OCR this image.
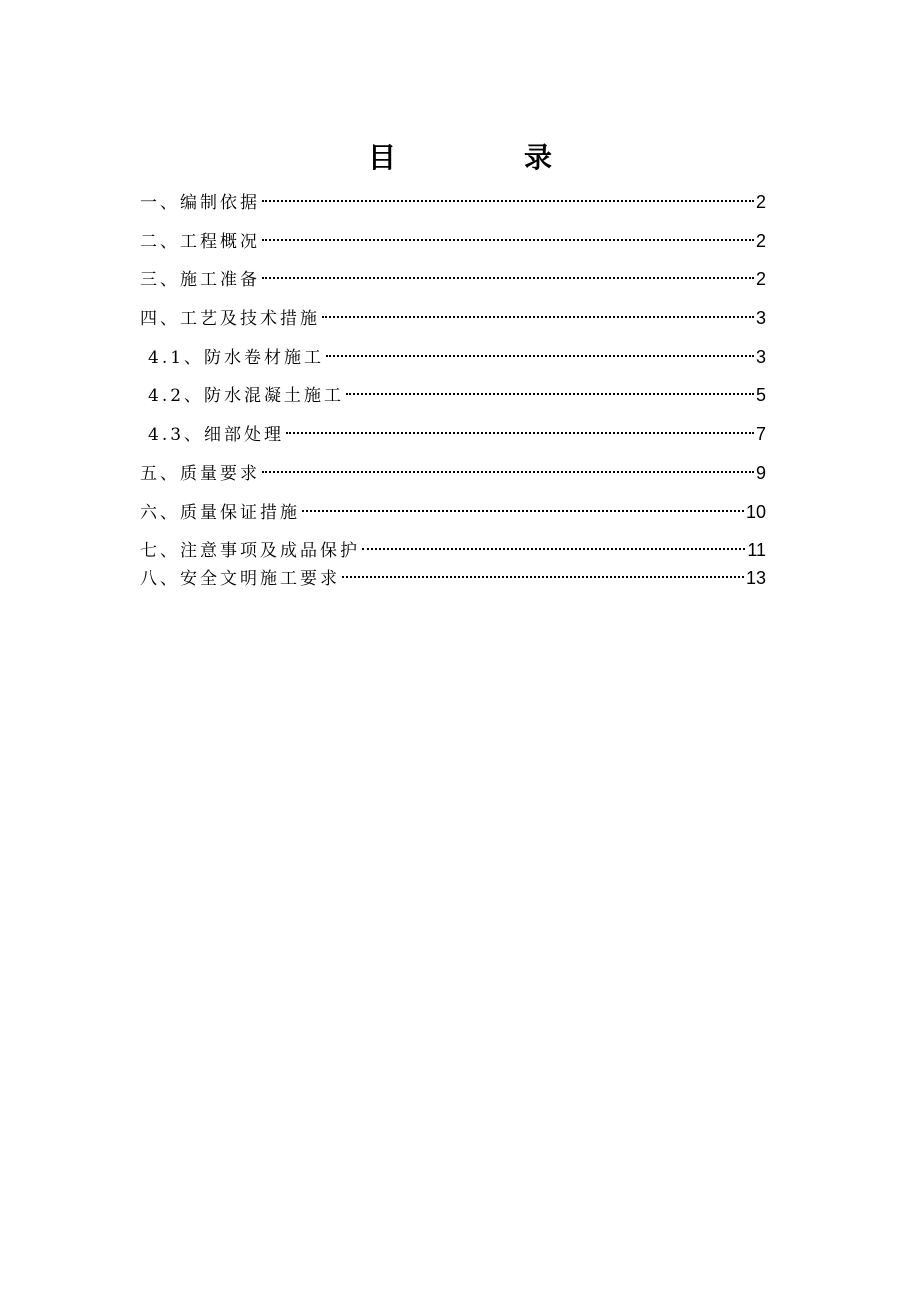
目	录
一、编制依据	2
二、工程概况	2
三、施工准备	2
四、工艺及技术措施	3
4.1、防水卷材施工	3
4.2、防水混凝土施工	5
4.3、细部处理	7
五、质量要求	9
六、质量保证措施	10
七、注意事项及成品保护	11
八、安全文明施工要求	13
